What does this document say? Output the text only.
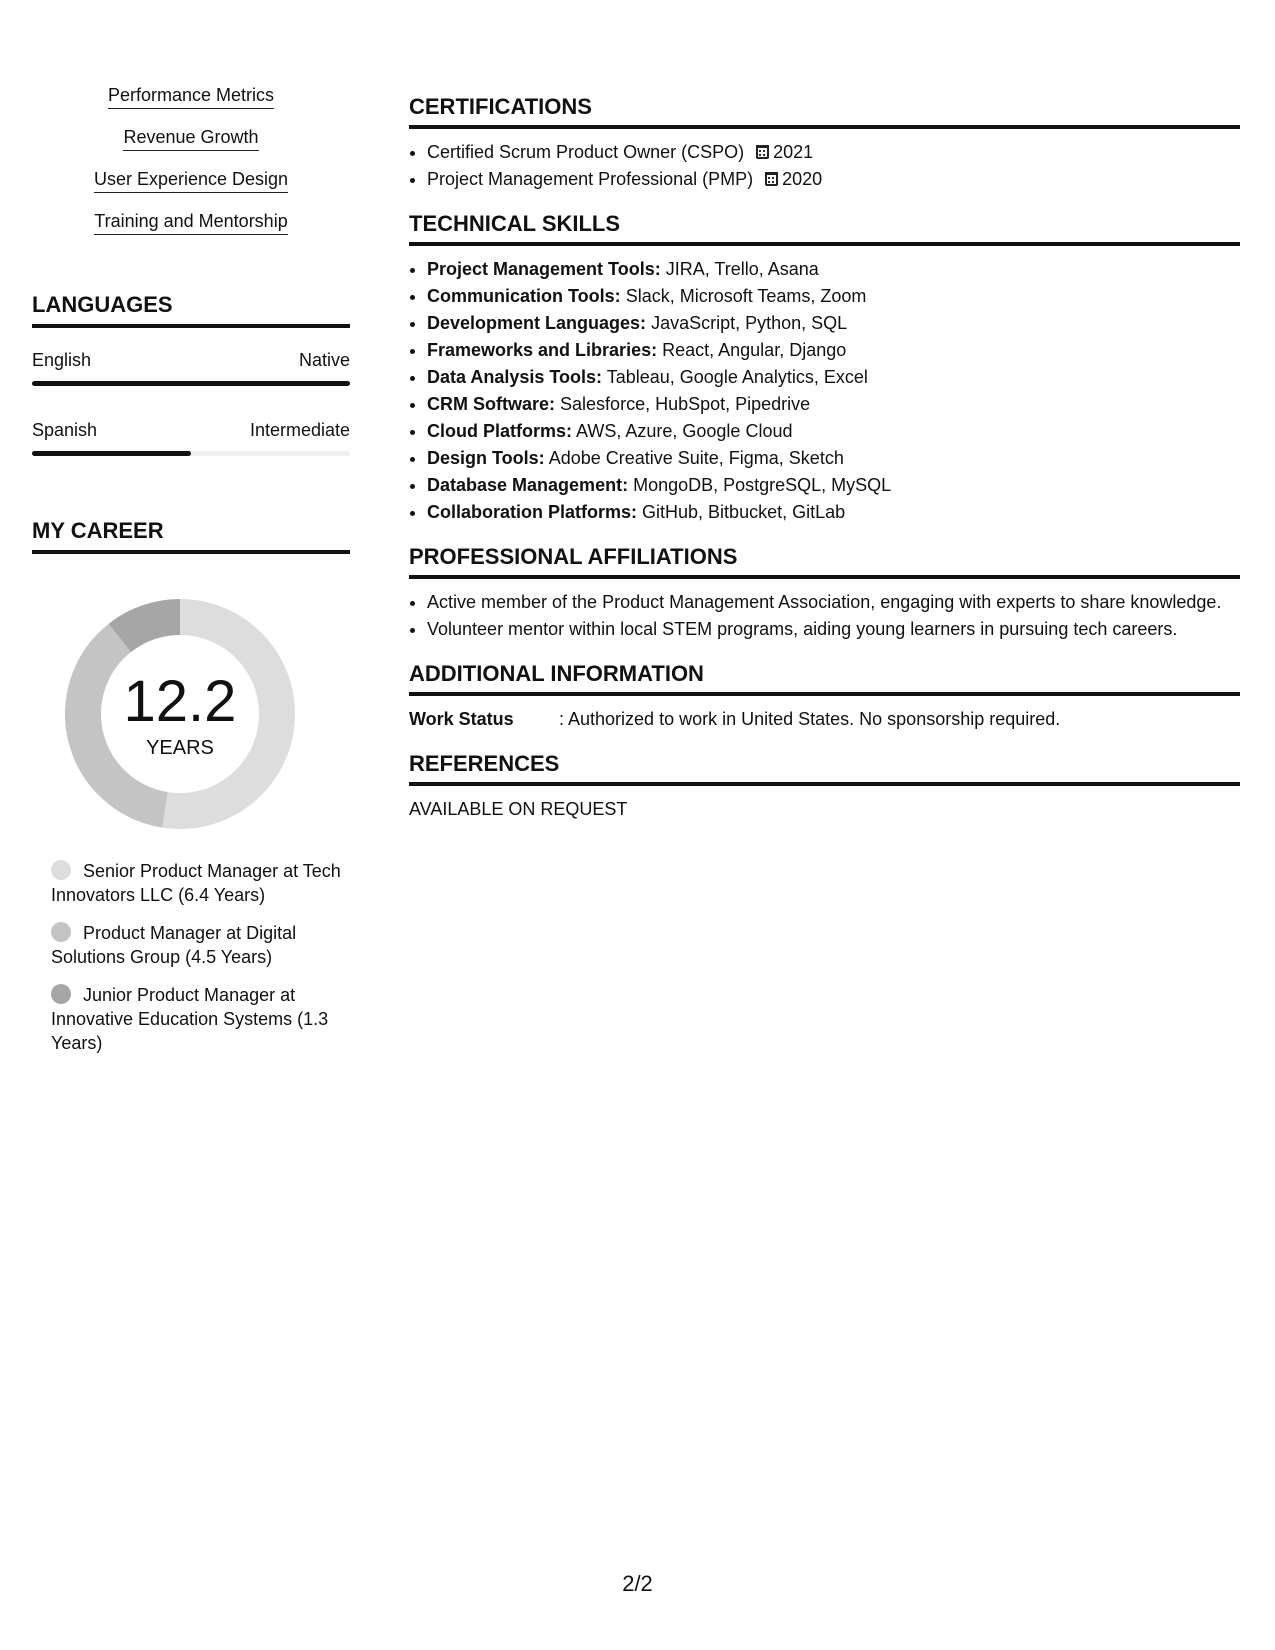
Performance Metrics
Revenue Growth
User Experience Design
Training and Mentorship
LANGUAGES
English	Native
Spanish	Intermediate
MY CAREER
12.2
YEARS
Senior Product Manager at Tech Innovators LLC (6.4 Years)
Product Manager at Digital Solutions Group (4.5 Years)
Junior Product Manager at Innovative Education Systems (1.3 Years)
CERTIFICATIONS
• Certified Scrum Product Owner (CSPO) 2021
• Project Management Professional (PMP) 2020
TECHNICAL SKILLS
• Project Management Tools: JIRA, Trello, Asana
• Communication Tools: Slack, Microsoft Teams, Zoom
• Development Languages: JavaScript, Python, SQL
• Frameworks and Libraries: React, Angular, Django
• Data Analysis Tools: Tableau, Google Analytics, Excel
• CRM Software: Salesforce, HubSpot, Pipedrive
• Cloud Platforms: AWS, Azure, Google Cloud
• Design Tools: Adobe Creative Suite, Figma, Sketch
• Database Management: MongoDB, PostgreSQL, MySQL
• Collaboration Platforms: GitHub, Bitbucket, GitLab
PROFESSIONAL AFFILIATIONS
• Active member of the Product Management Association, engaging with experts to share knowledge.
• Volunteer mentor within local STEM programs, aiding young learners in pursuing tech careers.
ADDITIONAL INFORMATION
Work Status	: Authorized to work in United States. No sponsorship required.
REFERENCES
AVAILABLE ON REQUEST
2/2
